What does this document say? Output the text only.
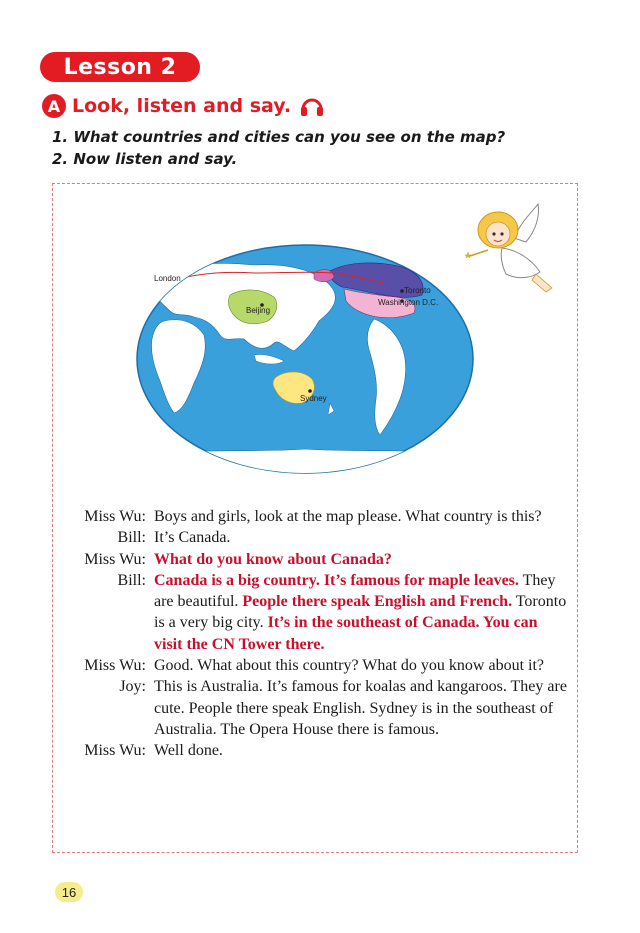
Lesson 2
A Look, listen and say.
1. What countries and cities can you see on the map?
2. Now listen and say.
London
Beijing
Toronto
Washington D.C.
Sydney
Miss Wu: Boys and girls, look at the map please. What country is this?
Bill: It’s Canada.
Miss Wu: What do you know about Canada?
Bill: Canada is a big country. It’s famous for maple leaves. They are beautiful. People there speak English and French. Toronto is a very big city. It’s in the southeast of Canada. You can visit the CN Tower there.
Miss Wu: Good. What about this country? What do you know about it?
Joy: This is Australia. It’s famous for koalas and kangaroos. They are cute. People there speak English. Sydney is in the southeast of Australia. The Opera House there is famous.
Miss Wu: Well done.
16
